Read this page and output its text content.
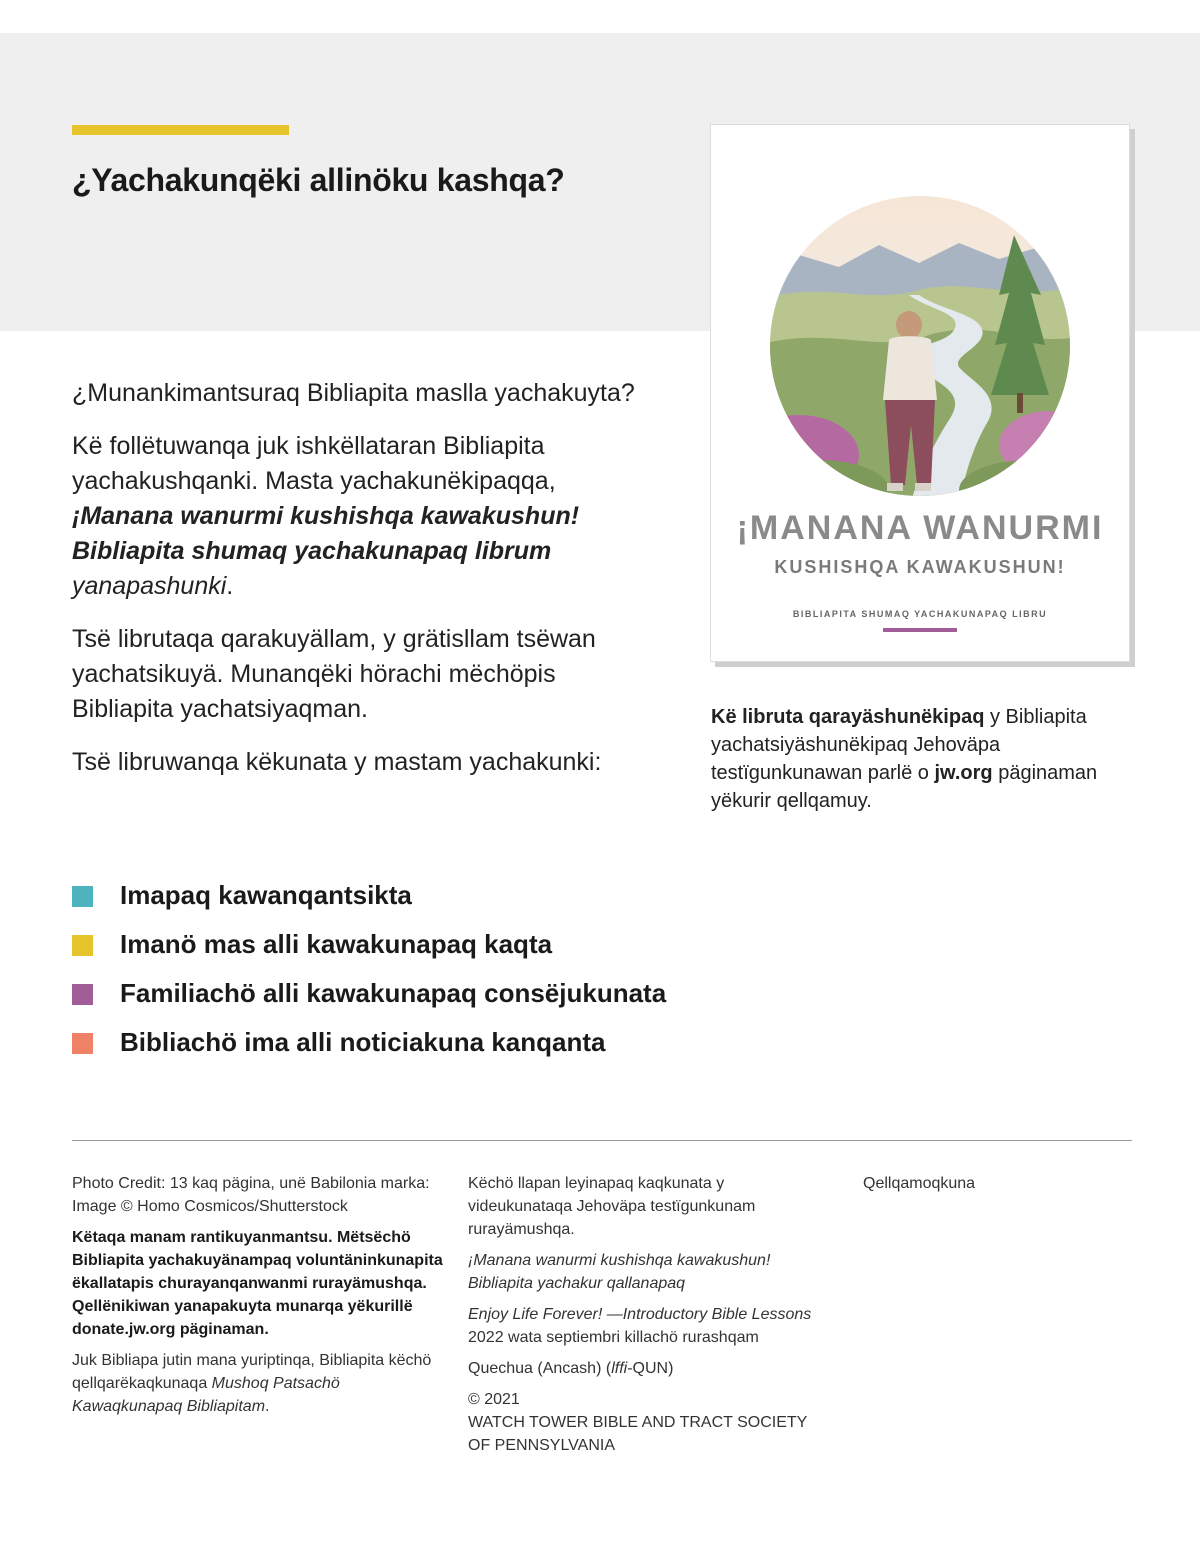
¿Yachakunqëki allinöku kashqa?

¿Munankimantsuraq Bibliapita maslla yachakuyta?

Kë follëtuwanqa juk ishkëllataran Bibliapita yachakushqanki. Masta yachakunëkipaqqa, ¡Manana wanurmi kushishqa kawakushun! Bibliapita shumaq yachakunapaq librum yanapashunki.

Tsë librutaqa qarakuyällam, y grätisllam tsëwan yachatsikuyä. Munanqëki hörachi mëchöpis Bibliapita yachatsiyaqman.

Tsë libruwanqa këkunata y mastam yachakunki:

Imapaq kawanqantsikta
Imanö mas alli kawakunapaq kaqta
Familiachö alli kawakunapaq consëjukunata
Bibliachö ima alli noticiakuna kanqanta
¡MANANA WANURMI
KUSHISHQA KAWAKUSHUN!
BIBLIAPITA SHUMAQ YACHAKUNAPAQ LIBRU
Kë libruta qarayäshunëkipaq y Bibliapita yachatsiyäshunëkipaq Jehoväpa testïgunkunawan parlë o jw.org päginaman yëkurir qellqamuy.

Photo Credit: 13 kaq pägina, unë Babilonia marka: Image © Homo Cosmicos/Shutterstock

Këtaqa manam rantikuyanmantsu. Mëtsëchö Bibliapita yachakuyänampaq voluntäninkunapita ëkallatapis churayanqanwanmi rurayämushqa. Qellënikiwan yanapakuyta munarqa yëkurillë donate.jw.org päginaman.

Juk Bibliapa jutin mana yuriptinqa, Bibliapita këchö qellqarëkaqkunaqa Mushoq Patsachö Kawaqkunapaq Bibliapitam.

Këchö llapan leyinapaq kaqkunata y videukunataqa Jehoväpa testïgunkunam rurayämushqa.

¡Manana wanurmi kushishqa kawakushun! Bibliapita yachakur qallanapaq

Enjoy Life Forever! —Introductory Bible Lessons
2022 wata septiembri killachö rurashqam

Quechua (Ancash) (lffi-QUN)

© 2021
WATCH TOWER BIBLE AND TRACT SOCIETY OF PENNSYLVANIA

Qellqamoqkuna
